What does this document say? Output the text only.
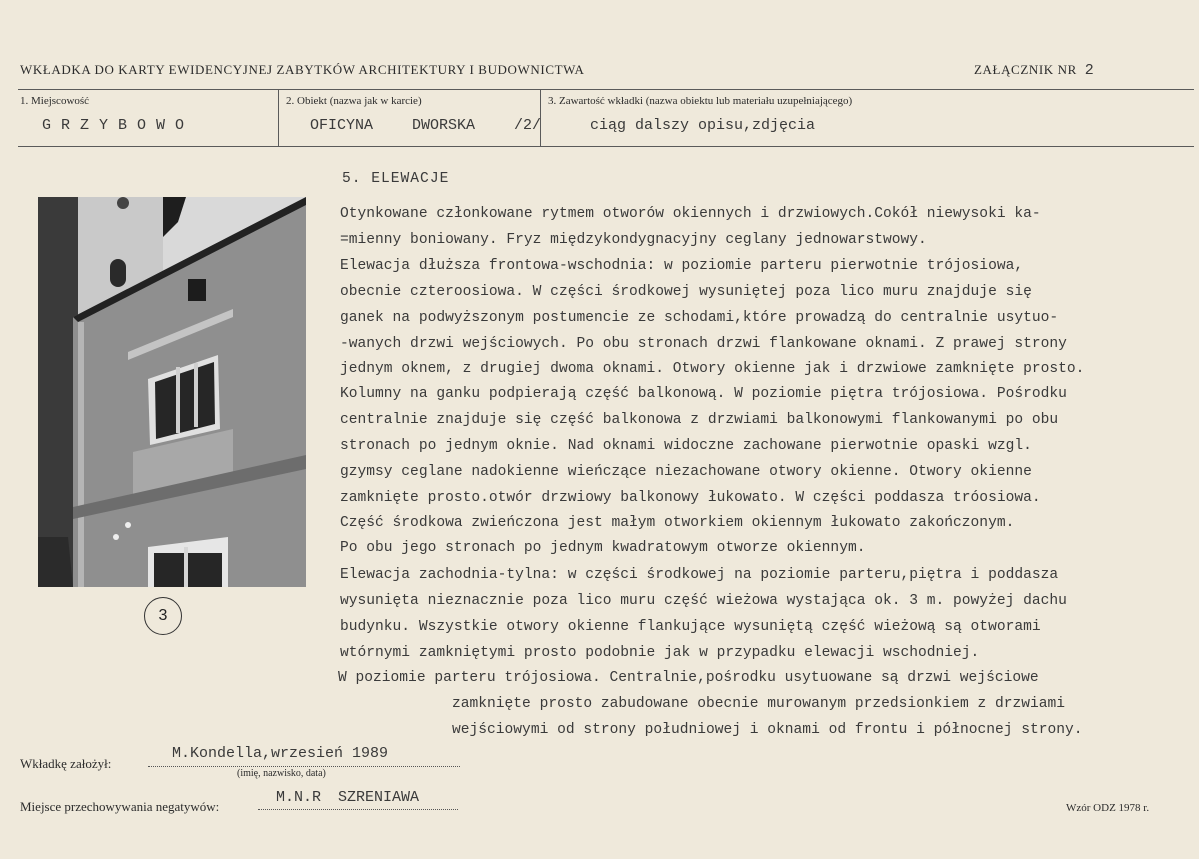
WKŁADKA DO KARTY EWIDENCYJNEJ ZABYTKÓW ARCHITEKTURY I BUDOWNICTWA	ZAŁĄCZNIK NR 2
1. Miejscowość
GRZYBOWO
2. Obiekt (nazwa jak w karcie)
OFICYNA DWORSKA /2/
3. Zawartość wkładki (nazwa obiektu lub materiału uzupełniającego)
ciąg dalszy opisu,zdjęcia
3
5. ELEWACJE
Otynkowane członkowane rytmem otworów okiennych i drzwiowych.Cokół niewysoki ka-
=mienny boniowany. Fryz międzykondygnacyjny ceglany jednowarstwowy.
Elewacja dłuższa frontowa-wschodnia: w poziomie parteru pierwotnie trójosiowa,
obecnie czteroosiowa. W części środkowej wysuniętej poza lico muru znajduje się
ganek na podwyższonym postumencie ze schodami,które prowadzą do centralnie usytuo-
-wanych drzwi wejściowych. Po obu stronach drzwi flankowane oknami. Z prawej strony
jednym oknem, z drugiej dwoma oknami. Otwory okienne jak i drzwiowe zamknięte prosto.
Kolumny na ganku podpierają część balkonową. W poziomie piętra trójosiowa. Pośrodku
centralnie znajduje się część balkonowa z drzwiami balkonowymi flankowanymi po obu
stronach po jednym oknie. Nad oknami widoczne zachowane pierwotnie opaski wzgl.
gzymsy ceglane nadokienne wieńczące niezachowane otwory okienne. Otwory okienne
zamknięte prosto.otwór drzwiowy balkonowy łukowato. W części poddasza tróosiowa.
Część środkowa zwieńczona jest małym otworkiem okiennym łukowato zakończonym.
Po obu jego stronach po jednym kwadratowym otworze okiennym.
Elewacja zachodnia-tylna: w części środkowej na poziomie parteru,piętra i poddasza
wysunięta nieznacznie poza lico muru część wieżowa wystająca ok. 3 m. powyżej dachu
budynku. Wszystkie otwory okienne flankujące wysuniętą część wieżową są otworami
wtórnymi zamkniętymi prosto podobnie jak w przypadku elewacji wschodniej.
W poziomie parteru trójosiowa. Centralnie,pośrodku usytuowane są drzwi wejściowe
zamknięte prosto zabudowane obecnie murowanym przedsionkiem z drzwiami
wejściowymi od strony południowej i oknami od frontu i północnej strony.
Wkładkę założył:
M.Kondella,wrzesień 1989
(imię, nazwisko, data)
Miejsce przechowywania negatywów:
M.N.R SZRENIAWA
Wzór ODZ 1978 r.
